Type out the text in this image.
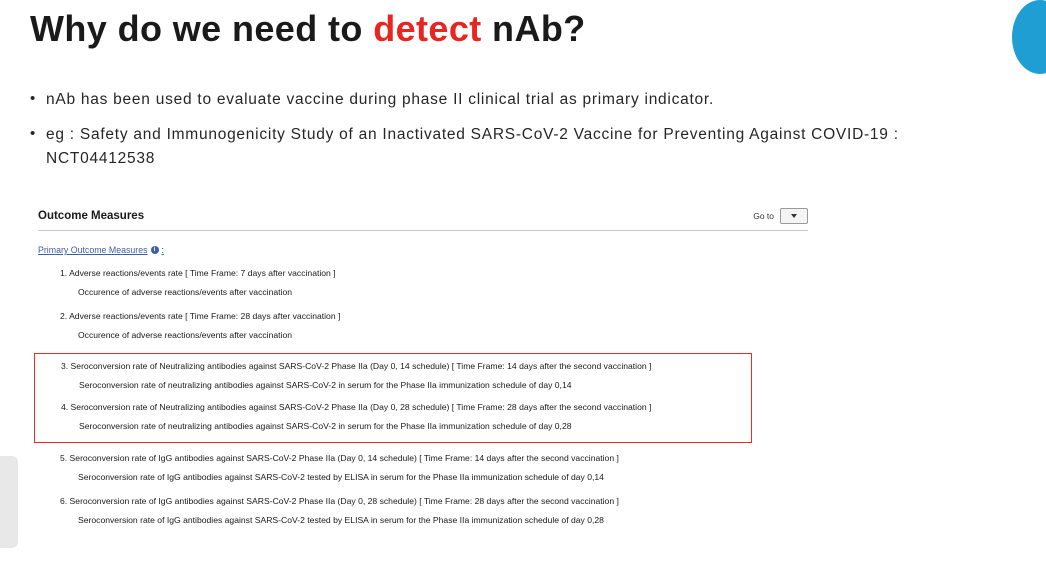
Why do we need to detect nAb?
• nAb has been used to evaluate vaccine during phase II clinical trial as primary indicator.
• eg : Safety and Immunogenicity Study of an Inactivated SARS-CoV-2 Vaccine for Preventing Against COVID-19 : NCT04412538
Outcome Measures	Go to
Primary Outcome Measures i :
1. Adverse reactions/events rate [ Time Frame: 7 days after vaccination ]
Occurence of adverse reactions/events after vaccination
2. Adverse reactions/events rate [ Time Frame: 28 days after vaccination ]
Occurence of adverse reactions/events after vaccination
3. Seroconversion rate of Neutralizing antibodies against SARS-CoV-2 Phase IIa (Day 0, 14 schedule) [ Time Frame: 14 days after the second vaccination ]
Seroconversion rate of neutralizing antibodies against SARS-CoV-2 in serum for the Phase IIa immunization schedule of day 0,14
4. Seroconversion rate of Neutralizing antibodies against SARS-CoV-2 Phase IIa (Day 0, 28 schedule) [ Time Frame: 28 days after the second vaccination ]
Seroconversion rate of neutralizing antibodies against SARS-CoV-2 in serum for the Phase IIa immunization schedule of day 0,28
5. Seroconversion rate of IgG antibodies against SARS-CoV-2 Phase IIa (Day 0, 14 schedule) [ Time Frame: 14 days after the second vaccination ]
Seroconversion rate of IgG antibodies against SARS-CoV-2 tested by ELISA in serum for the Phase IIa immunization schedule of day 0,14
6. Seroconversion rate of IgG antibodies against SARS-CoV-2 Phase IIa (Day 0, 28 schedule) [ Time Frame: 28 days after the second vaccination ]
Seroconversion rate of IgG antibodies against SARS-CoV-2 tested by ELISA in serum for the Phase IIa immunization schedule of day 0,28
